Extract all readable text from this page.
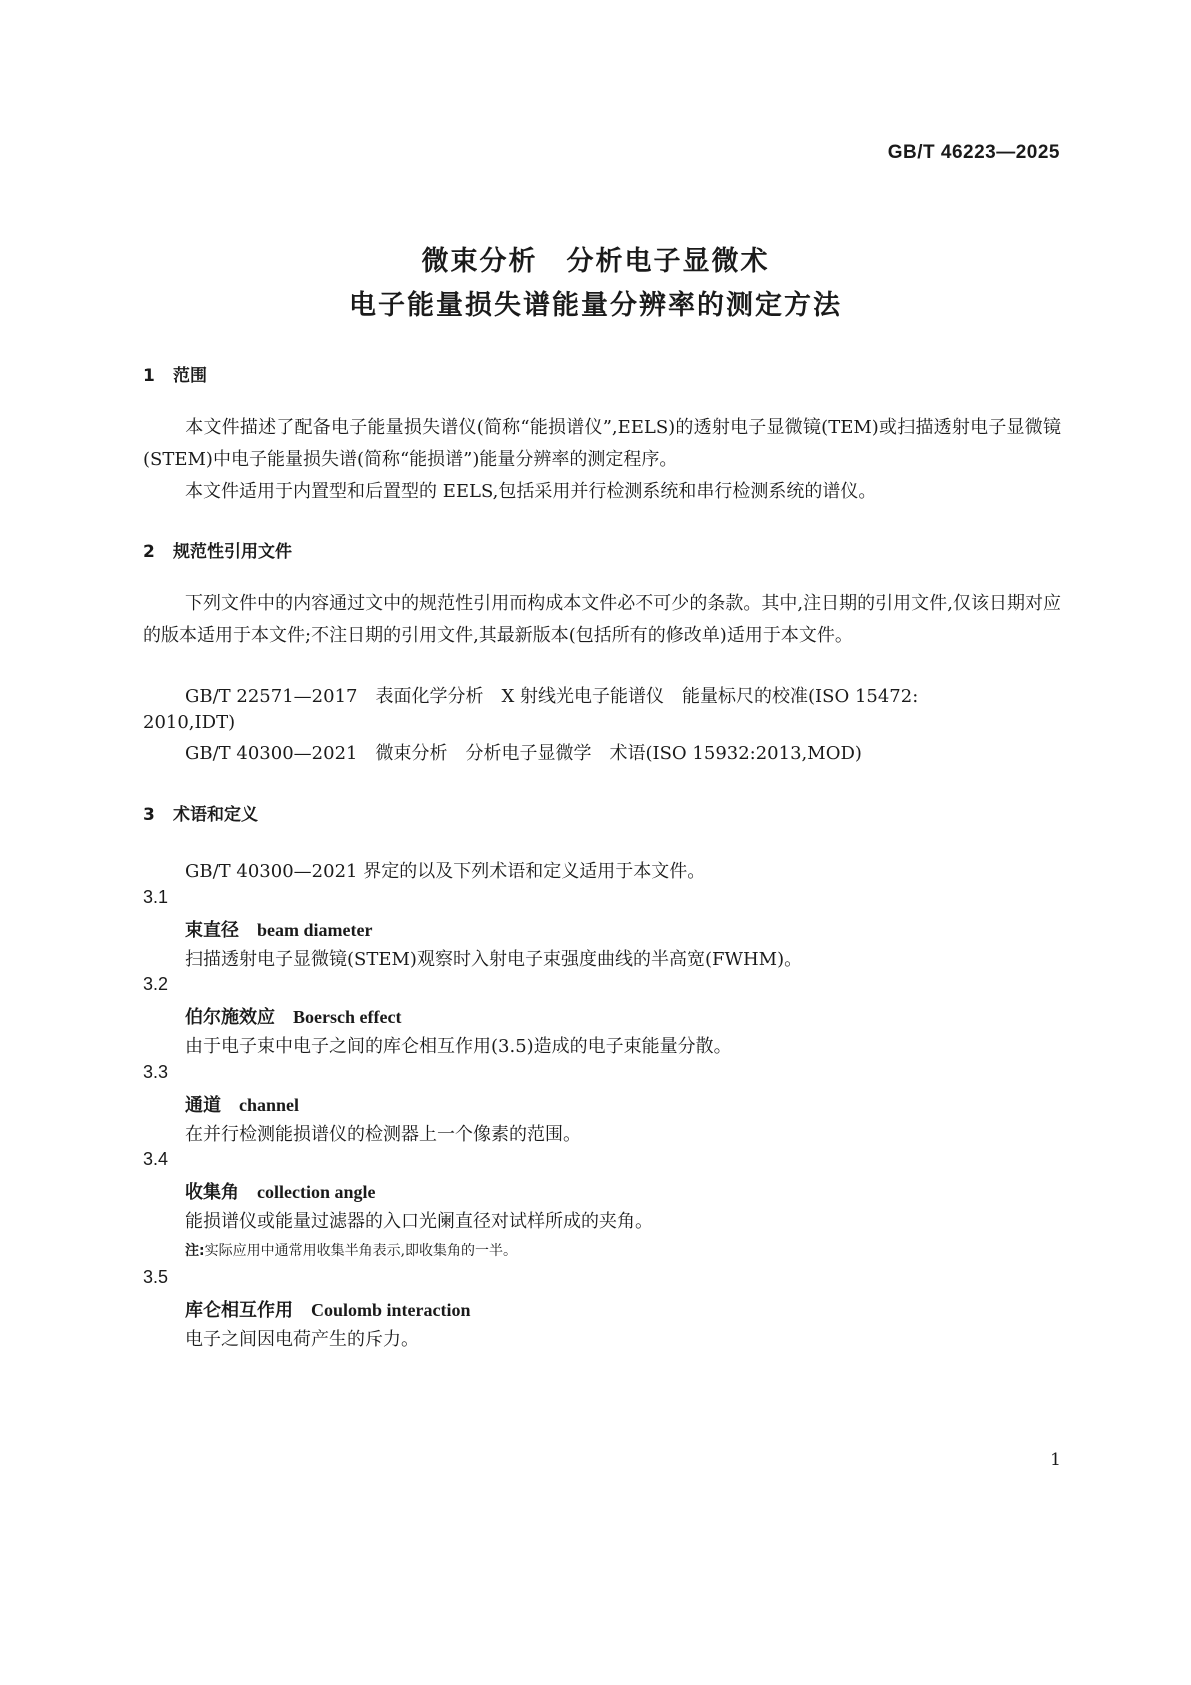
GB/T 46223—2025
微束分析　分析电子显微术
电子能量损失谱能量分辨率的测定方法
1 范围
本文件描述了配备电子能量损失谱仪(简称“能损谱仪”,EELS)的透射电子显微镜(TEM)或扫描透射电子显微镜(STEM)中电子能量损失谱(简称“能损谱”)能量分辨率的测定程序。
本文件适用于内置型和后置型的 EELS,包括采用并行检测系统和串行检测系统的谱仪。
2 规范性引用文件
下列文件中的内容通过文中的规范性引用而构成本文件必不可少的条款。其中,注日期的引用文件,仅该日期对应的版本适用于本文件;不注日期的引用文件,其最新版本(包括所有的修改单)适用于本文件。
GB/T 22571—2017　表面化学分析　X 射线光电子能谱仪　能量标尺的校准(ISO 15472:
2010,IDT)
GB/T 40300—2021　微束分析　分析电子显微学　术语(ISO 15932:2013,MOD)
3 术语和定义
GB/T 40300—2021 界定的以及下列术语和定义适用于本文件。
3.1
束直径 beam diameter
扫描透射电子显微镜(STEM)观察时入射电子束强度曲线的半高宽(FWHM)。
3.2
伯尔施效应 Boersch effect
由于电子束中电子之间的库仑相互作用(3.5)造成的电子束能量分散。
3.3
通道 channel
在并行检测能损谱仪的检测器上一个像素的范围。
3.4
收集角 collection angle
能损谱仪或能量过滤器的入口光阑直径对试样所成的夹角。
注:实际应用中通常用收集半角表示,即收集角的一半。
3.5
库仑相互作用 Coulomb interaction
电子之间因电荷产生的斥力。
1
